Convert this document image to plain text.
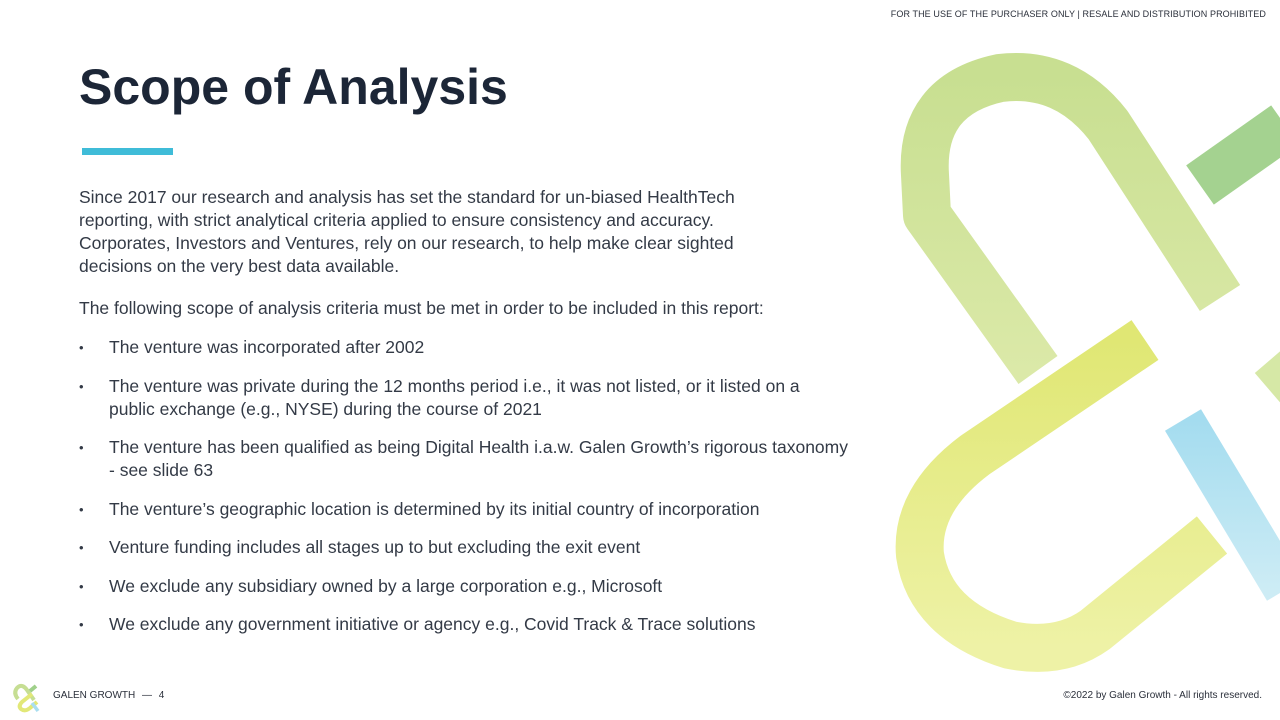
FOR THE USE OF THE PURCHASER ONLY | RESALE AND DISTRIBUTION PROHIBITED
Scope of Analysis

Since 2017 our research and analysis has set the standard for un-biased HealthTech reporting, with strict analytical criteria applied to ensure consistency and accuracy. Corporates, Investors and Ventures, rely on our research, to help make clear sighted decisions on the very best data available.

The following scope of analysis criteria must be met in order to be included in this report:

• The venture was incorporated after 2002
• The venture was private during the 12 months period i.e., it was not listed, or it listed on a public exchange (e.g., NYSE) during the course of 2021
• The venture has been qualified as being Digital Health i.a.w. Galen Growth’s rigorous taxonomy - see slide 63
• The venture’s geographic location is determined by its initial country of incorporation
• Venture funding includes all stages up to but excluding the exit event
• We exclude any subsidiary owned by a large corporation e.g., Microsoft
• We exclude any government initiative or agency e.g., Covid Track & Trace solutions
GALEN GROWTH — 4	©2022 by Galen Growth - All rights reserved.
